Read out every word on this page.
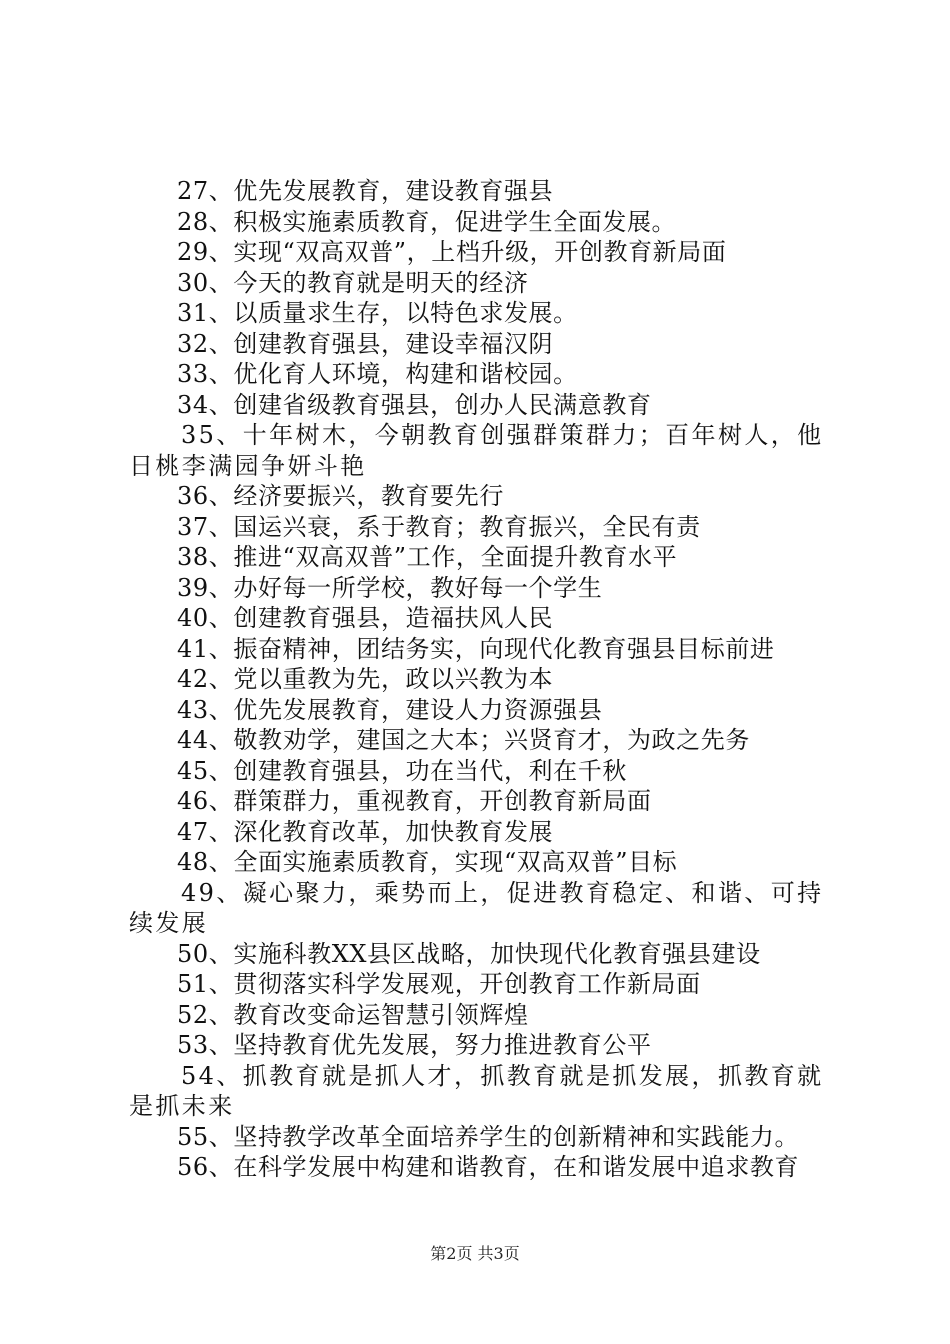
27、优先发展教育，建设教育强县

28、积极实施素质教育，促进学生全面发展。

29、实现“双高双普”，上档升级，开创教育新局面

30、今天的教育就是明天的经济

31、以质量求生存，以特色求发展。

32、创建教育强县，建设幸福汉阴

33、优化育人环境，构建和谐校园。

34、创建省级教育强县，创办人民满意教育

35、十年树木，今朝教育创强群策群力；百年树人，他日桃李满园争妍斗艳

36、经济要振兴，教育要先行

37、国运兴衰，系于教育；教育振兴，全民有责

38、推进“双高双普”工作，全面提升教育水平

39、办好每一所学校，教好每一个学生

40、创建教育强县，造福扶风人民

41、振奋精神，团结务实，向现代化教育强县目标前进

42、党以重教为先，政以兴教为本

43、优先发展教育，建设人力资源强县

44、敬教劝学，建国之大本；兴贤育才，为政之先务

45、创建教育强县，功在当代，利在千秋

46、群策群力，重视教育，开创教育新局面

47、深化教育改革，加快教育发展

48、全面实施素质教育，实现“双高双普”目标

49、凝心聚力，乘势而上，促进教育稳定、和谐、可持续发展

50、实施科教XX县区战略，加快现代化教育强县建设

51、贯彻落实科学发展观，开创教育工作新局面

52、教育改变命运智慧引领辉煌

53、坚持教育优先发展，努力推进教育公平

54、抓教育就是抓人才，抓教育就是抓发展，抓教育就是抓未来

55、坚持教学改革全面培养学生的创新精神和实践能力。

56、在科学发展中构建和谐教育，在和谐发展中追求教育

第2页 共3页
